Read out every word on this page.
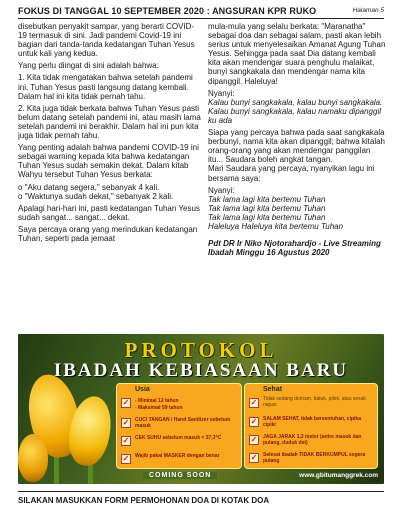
FOKUS DI TANGGAL 10 SEPTEMBER 2020 : ANGSURAN KPR RUKO	Halaman 5

disebutkan penyakit sampar, yang berarti COVID-19 termasuk di sini. Jadi pandemi Covid-19 ini bagian dari tanda-tanda kedatangan Tuhan Yesus untuk kali yang kedua.

Yang perlu diingat di sini adalah bahwa:

1. Kita tidak mengatakan bahwa setelah pandemi ini, Tuhan Yesus pasti langsung datang kembali. Dalam hal ini kita tidak pernah tahu.

2. Kita juga tidak berkata bahwa Tuhan Yesus pasti belum datang setelah pandemi ini, atau masih lama setelah pandemi ini berakhir. Dalam hal ini pun kita juga tidak pernah tahu.

Yang penting adalah bahwa pandemi COVID-19 ini sebagai warning kepada kita bahwa kedatangan Tuhan Yesus sudah semakin dekat. Dalam kitab Wahyu tersebut Tuhan Yesus berkata:

o "Aku datang segera," sebanyak 4 kali.

o "Waktunya sudah dekat," sebanyak 2 kali.

Apalagi hari-hari ini, pasti kedatangan Tuhan Yesus sudah sangat... sangat... dekat.

Saya percaya orang yang merindukan kedatangan Tuhan, seperti pada jemaat

mula-mula yang selalu berkata: "Maranatha" sebagai doa dan sebagai salam, pasti akan lebih serius untuk menyelesaikan Amanat Agung Tuhan Yesus. Sehingga pada saat Dia datang kembali kita akan mendengar suara penghulu malaikat, bunyi sangkakala dan mendengar nama kita dipanggil. Haleluya!

Nyanyi:

Kalau bunyi sangkakala, kalau bunyi sangkakala.

Kalau bunyi sangkakala, kalau namaku dipanggil ku ada

Siapa yang percaya bahwa pada saat sangkakala berbunyi, nama kita akan dipanggil; bahwa kitalah orang-orang yang akan mendengar panggilan itu... Saudara boleh angkat tangan.

Mari Saudara yang percaya, nyanyikan lagu ini bersama saya:

Nyanyi:

Tak lama lagi kita bertemu Tuhan

Tak lama lagi kita bertemu Tuhan

Tak lama lagi kita bertemu Tuhan

Haleluya Haleluya kita bertemu Tuhan

Pdt DR Ir Niko Njotorahardjo - Live Streaming Ibadah Minggu 16 Agustus 2020

PROTOKOL
IBADAH KEBIASAAN BARU
Usia
✓	- Minimal 12 tahun
- Maksimal 59 tahun
✓	CUCI TANGAN / Hand Sanitizer sebelum masuk
✓	CEK SUHU sebelum masuk < 37,3°C
✓	Wajib pakai MASKER dengan benar
Sehat
✓	Tidak sedang demam, batuk, pilek, atau sesak napas
✓	SALAM SEHAT, tidak bersentuhan, cipika cipiki
✓	JAGA JARAK 1,2 meter (antre masuk dan pulang, duduk dst)
✓	Selesai ibadah TIDAK BERKUMPUL segera pulang
COMING SOON	www.gbitumanggrek.com
SILAKAN MASUKKAN FORM PERMOHONAN DOA DI KOTAK DOA
